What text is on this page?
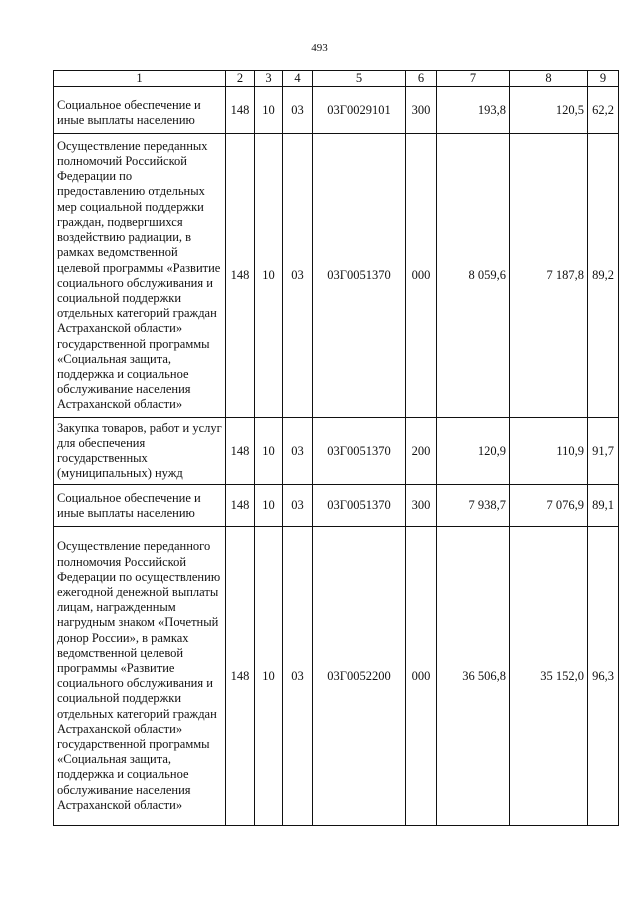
493
1	2	3	4	5	6	7	8	9
Социальное обеспечение и иные выплаты населению	148	10	03	03Г0029101	300	193,8	120,5	62,2
Осуществление переданных полномочий Российской Федерации по предоставлению отдельных мер социальной поддержки граждан, подвергшихся воздействию радиации, в рамках ведомственной целевой программы «Развитие социального обслуживания и социальной поддержки отдельных категорий граждан Астраханской области» государственной программы «Социальная защита, поддержка и социальное обслуживание населения Астраханской области»	148	10	03	03Г0051370	000	8 059,6	7 187,8	89,2
Закупка товаров, работ и услуг для обеспечения государственных (муниципальных) нужд	148	10	03	03Г0051370	200	120,9	110,9	91,7
Социальное обеспечение и иные выплаты населению	148	10	03	03Г0051370	300	7 938,7	7 076,9	89,1
Осуществление переданного полномочия Российской Федерации по осуществлению ежегодной денежной выплаты лицам, награжденным нагрудным знаком «Почетный донор России», в рамках ведомственной целевой программы «Развитие социального обслуживания и социальной поддержки отдельных категорий граждан Астраханской области» государственной программы «Социальная защита, поддержка и социальное обслуживание населения Астраханской области»	148	10	03	03Г0052200	000	36 506,8	35 152,0	96,3
